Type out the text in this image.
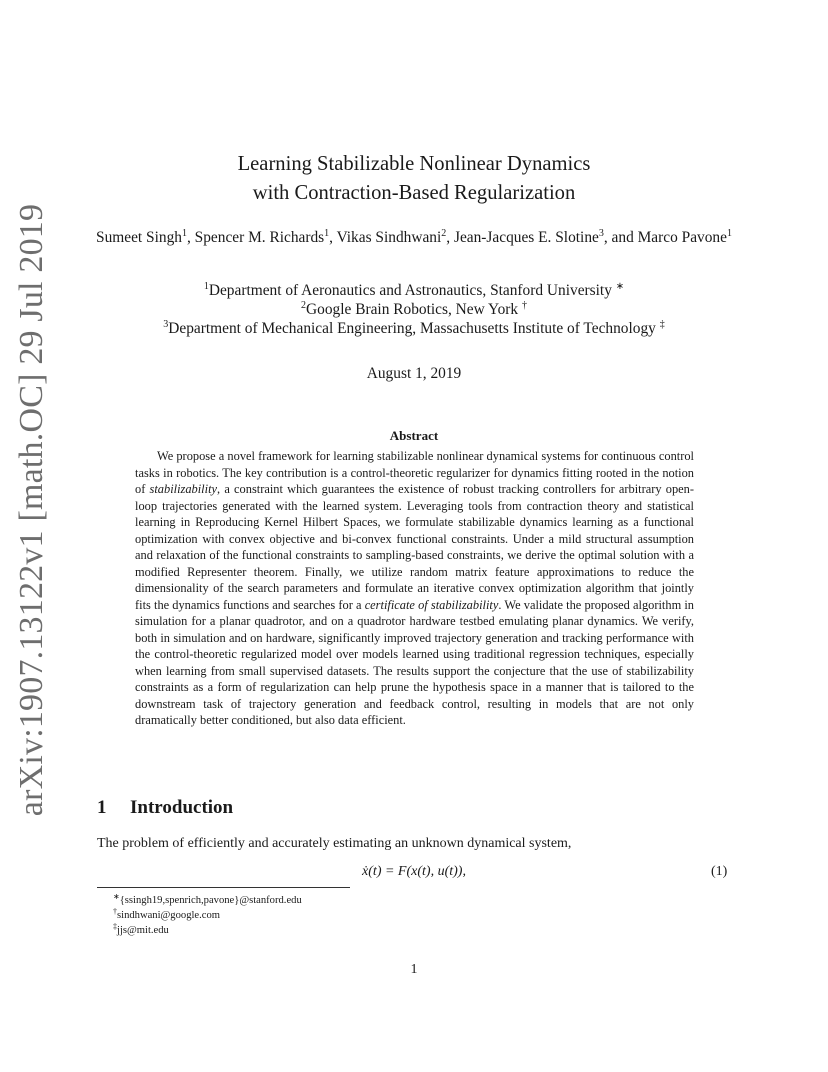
arXiv:1907.13122v1 [math.OC] 29 Jul 2019
Learning Stabilizable Nonlinear Dynamics
with Contraction-Based Regularization
Sumeet Singh$^1$, Spencer M. Richards$^1$, Vikas Sindhwani$^2$, Jean-Jacques E. Slotine$^3$, and Marco Pavone$^1$
$^1$Department of Aeronautics and Astronautics, Stanford University ∗
$^2$Google Brain Robotics, New York †
$^3$Department of Mechanical Engineering, Massachusetts Institute of Technology ‡
August 1, 2019
Abstract
We propose a novel framework for learning stabilizable nonlinear dynamical systems for continuous control tasks in robotics. The key contribution is a control-theoretic regularizer for dynamics fitting rooted in the notion of stabilizability, a constraint which guarantees the existence of robust tracking controllers for arbitrary open-loop trajectories generated with the learned system. Leveraging tools from contraction theory and statistical learning in Reproducing Kernel Hilbert Spaces, we formulate stabilizable dynamics learning as a functional optimization with convex objective and bi-convex functional constraints. Under a mild structural assumption and relaxation of the functional constraints to sampling-based constraints, we derive the optimal solution with a modified Representer theorem. Finally, we utilize random matrix feature approximations to reduce the dimensionality of the search parameters and formulate an iterative convex optimization algorithm that jointly fits the dynamics functions and searches for a certificate of stabilizability. We validate the proposed algorithm in simulation for a planar quadrotor, and on a quadrotor hardware testbed emulating planar dynamics. We verify, both in simulation and on hardware, significantly improved trajectory generation and tracking performance with the control-theoretic regularized model over models learned using traditional regression techniques, especially when learning from small supervised datasets. The results support the conjecture that the use of stabilizability constraints as a form of regularization can help prune the hypothesis space in a manner that is tailored to the downstream task of trajectory generation and feedback control, resulting in models that are not only dramatically better conditioned, but also data efficient.
1 Introduction
The problem of efficiently and accurately estimating an unknown dynamical system,
ẋ(t) = F(x(t), u(t)),	(1)
∗{ssingh19,spenrich,pavone}@stanford.edu
†sindhwani@google.com
‡jjs@mit.edu
1
